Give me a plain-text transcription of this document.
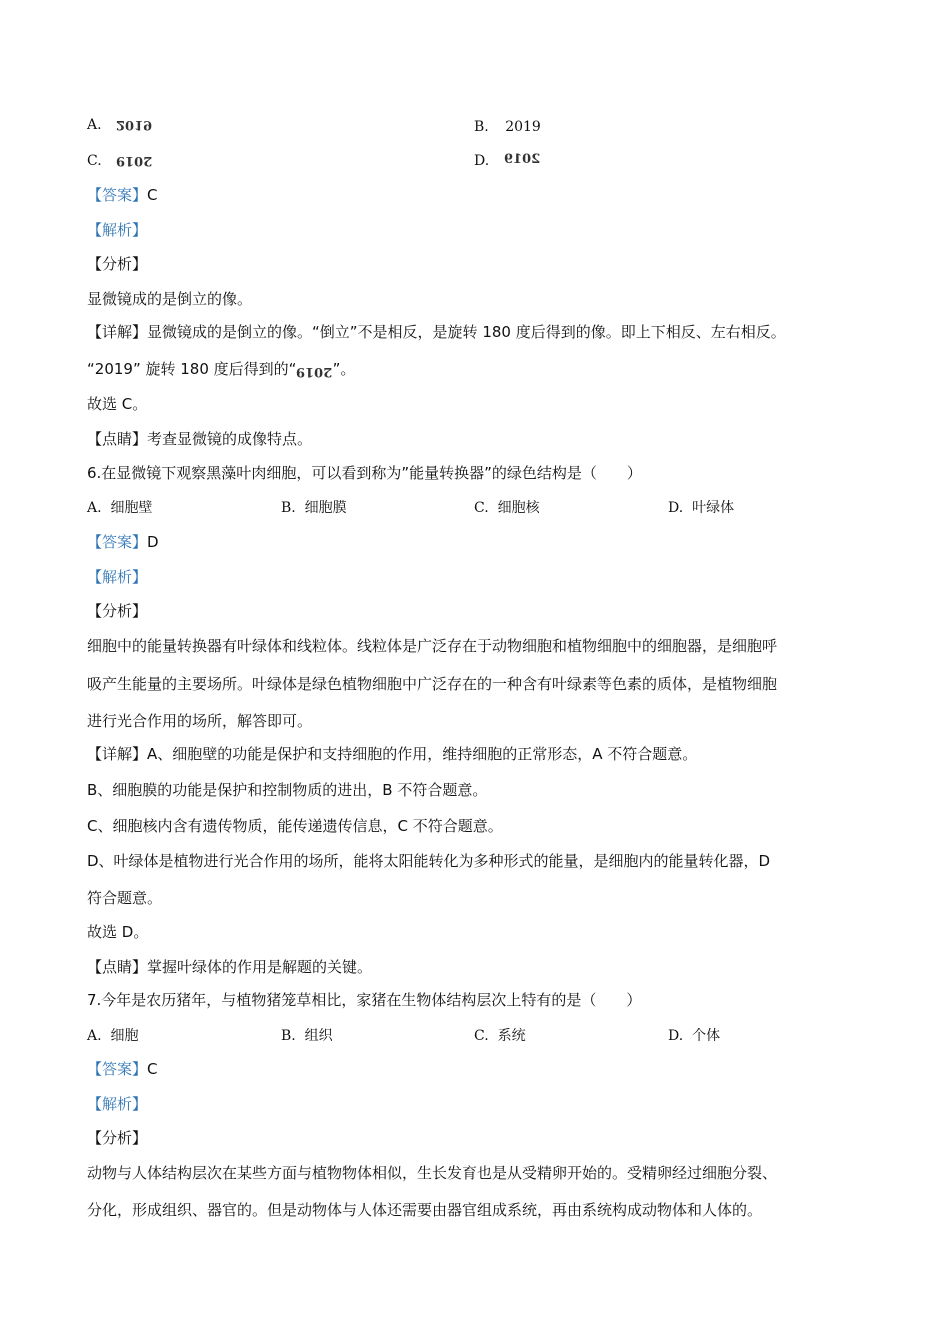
A. 2019	B. 2019
C. 2019	D. 2019
【答案】C
【解析】
【分析】
显微镜成的是倒立的像。
【详解】显微镜成的是倒立的像。“倒立”不是相反，是旋转 180 度后得到的像。即上下相反、左右相反。
“2019” 旋转 180 度后得到的“2019”。
故选 C。
【点睛】考查显微镜的成像特点。
6.在显微镜下观察黑藻叶肉细胞，可以看到称为”能量转换器”的绿色结构是（　　）
A. 细胞壁	B. 细胞膜	C. 细胞核	D. 叶绿体
【答案】D
【解析】
【分析】
细胞中的能量转换器有叶绿体和线粒体。线粒体是广泛存在于动物细胞和植物细胞中的细胞器，是细胞呼
吸产生能量的主要场所。叶绿体是绿色植物细胞中广泛存在的一种含有叶绿素等色素的质体，是植物细胞
进行光合作用的场所，解答即可。
【详解】A、细胞壁的功能是保护和支持细胞的作用，维持细胞的正常形态，A 不符合题意。
B、细胞膜的功能是保护和控制物质的进出，B 不符合题意。
C、细胞核内含有遗传物质，能传递遗传信息，C 不符合题意。
D、叶绿体是植物进行光合作用的场所，能将太阳能转化为多种形式的能量，是细胞内的能量转化器，D
符合题意。
故选 D。
【点睛】掌握叶绿体的作用是解题的关键。
7.今年是农历猪年，与植物猪笼草相比，家猪在生物体结构层次上特有的是（　　）
A. 细胞	B. 组织	C. 系统	D. 个体
【答案】C
【解析】
【分析】
动物与人体结构层次在某些方面与植物物体相似，生长发育也是从受精卵开始的。受精卵经过细胞分裂、
分化，形成组织、器官的。但是动物体与人体还需要由器官组成系统，再由系统构成动物体和人体的。
